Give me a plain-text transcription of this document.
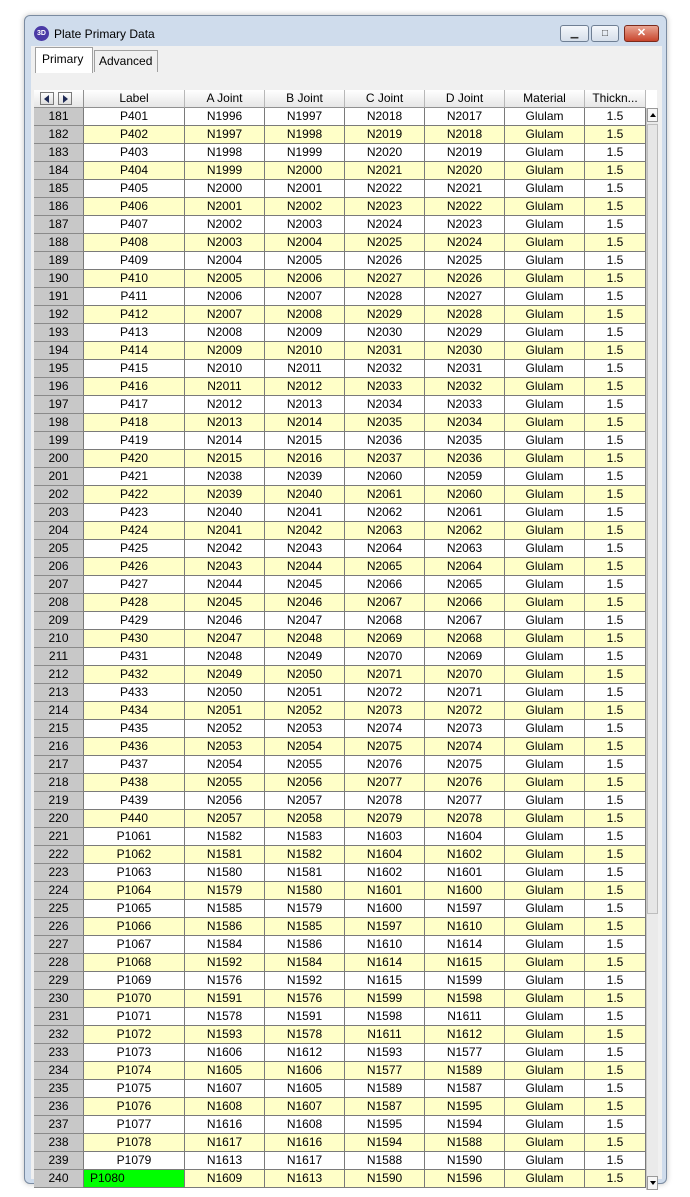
3D Plate Primary Data	▁	□	✕
Primary	Advanced
Label	A Joint	B Joint	C Joint	D Joint	Material	Thickn...
181	P401	N1996	N1997	N2018	N2017	Glulam	1.5
182	P402	N1997	N1998	N2019	N2018	Glulam	1.5
183	P403	N1998	N1999	N2020	N2019	Glulam	1.5
184	P404	N1999	N2000	N2021	N2020	Glulam	1.5
185	P405	N2000	N2001	N2022	N2021	Glulam	1.5
186	P406	N2001	N2002	N2023	N2022	Glulam	1.5
187	P407	N2002	N2003	N2024	N2023	Glulam	1.5
188	P408	N2003	N2004	N2025	N2024	Glulam	1.5
189	P409	N2004	N2005	N2026	N2025	Glulam	1.5
190	P410	N2005	N2006	N2027	N2026	Glulam	1.5
191	P411	N2006	N2007	N2028	N2027	Glulam	1.5
192	P412	N2007	N2008	N2029	N2028	Glulam	1.5
193	P413	N2008	N2009	N2030	N2029	Glulam	1.5
194	P414	N2009	N2010	N2031	N2030	Glulam	1.5
195	P415	N2010	N2011	N2032	N2031	Glulam	1.5
196	P416	N2011	N2012	N2033	N2032	Glulam	1.5
197	P417	N2012	N2013	N2034	N2033	Glulam	1.5
198	P418	N2013	N2014	N2035	N2034	Glulam	1.5
199	P419	N2014	N2015	N2036	N2035	Glulam	1.5
200	P420	N2015	N2016	N2037	N2036	Glulam	1.5
201	P421	N2038	N2039	N2060	N2059	Glulam	1.5
202	P422	N2039	N2040	N2061	N2060	Glulam	1.5
203	P423	N2040	N2041	N2062	N2061	Glulam	1.5
204	P424	N2041	N2042	N2063	N2062	Glulam	1.5
205	P425	N2042	N2043	N2064	N2063	Glulam	1.5
206	P426	N2043	N2044	N2065	N2064	Glulam	1.5
207	P427	N2044	N2045	N2066	N2065	Glulam	1.5
208	P428	N2045	N2046	N2067	N2066	Glulam	1.5
209	P429	N2046	N2047	N2068	N2067	Glulam	1.5
210	P430	N2047	N2048	N2069	N2068	Glulam	1.5
211	P431	N2048	N2049	N2070	N2069	Glulam	1.5
212	P432	N2049	N2050	N2071	N2070	Glulam	1.5
213	P433	N2050	N2051	N2072	N2071	Glulam	1.5
214	P434	N2051	N2052	N2073	N2072	Glulam	1.5
215	P435	N2052	N2053	N2074	N2073	Glulam	1.5
216	P436	N2053	N2054	N2075	N2074	Glulam	1.5
217	P437	N2054	N2055	N2076	N2075	Glulam	1.5
218	P438	N2055	N2056	N2077	N2076	Glulam	1.5
219	P439	N2056	N2057	N2078	N2077	Glulam	1.5
220	P440	N2057	N2058	N2079	N2078	Glulam	1.5
221	P1061	N1582	N1583	N1603	N1604	Glulam	1.5
222	P1062	N1581	N1582	N1604	N1602	Glulam	1.5
223	P1063	N1580	N1581	N1602	N1601	Glulam	1.5
224	P1064	N1579	N1580	N1601	N1600	Glulam	1.5
225	P1065	N1585	N1579	N1600	N1597	Glulam	1.5
226	P1066	N1586	N1585	N1597	N1610	Glulam	1.5
227	P1067	N1584	N1586	N1610	N1614	Glulam	1.5
228	P1068	N1592	N1584	N1614	N1615	Glulam	1.5
229	P1069	N1576	N1592	N1615	N1599	Glulam	1.5
230	P1070	N1591	N1576	N1599	N1598	Glulam	1.5
231	P1071	N1578	N1591	N1598	N1611	Glulam	1.5
232	P1072	N1593	N1578	N1611	N1612	Glulam	1.5
233	P1073	N1606	N1612	N1593	N1577	Glulam	1.5
234	P1074	N1605	N1606	N1577	N1589	Glulam	1.5
235	P1075	N1607	N1605	N1589	N1587	Glulam	1.5
236	P1076	N1608	N1607	N1587	N1595	Glulam	1.5
237	P1077	N1616	N1608	N1595	N1594	Glulam	1.5
238	P1078	N1617	N1616	N1594	N1588	Glulam	1.5
239	P1079	N1613	N1617	N1588	N1590	Glulam	1.5
240	P1080	N1609	N1613	N1590	N1596	Glulam	1.5
